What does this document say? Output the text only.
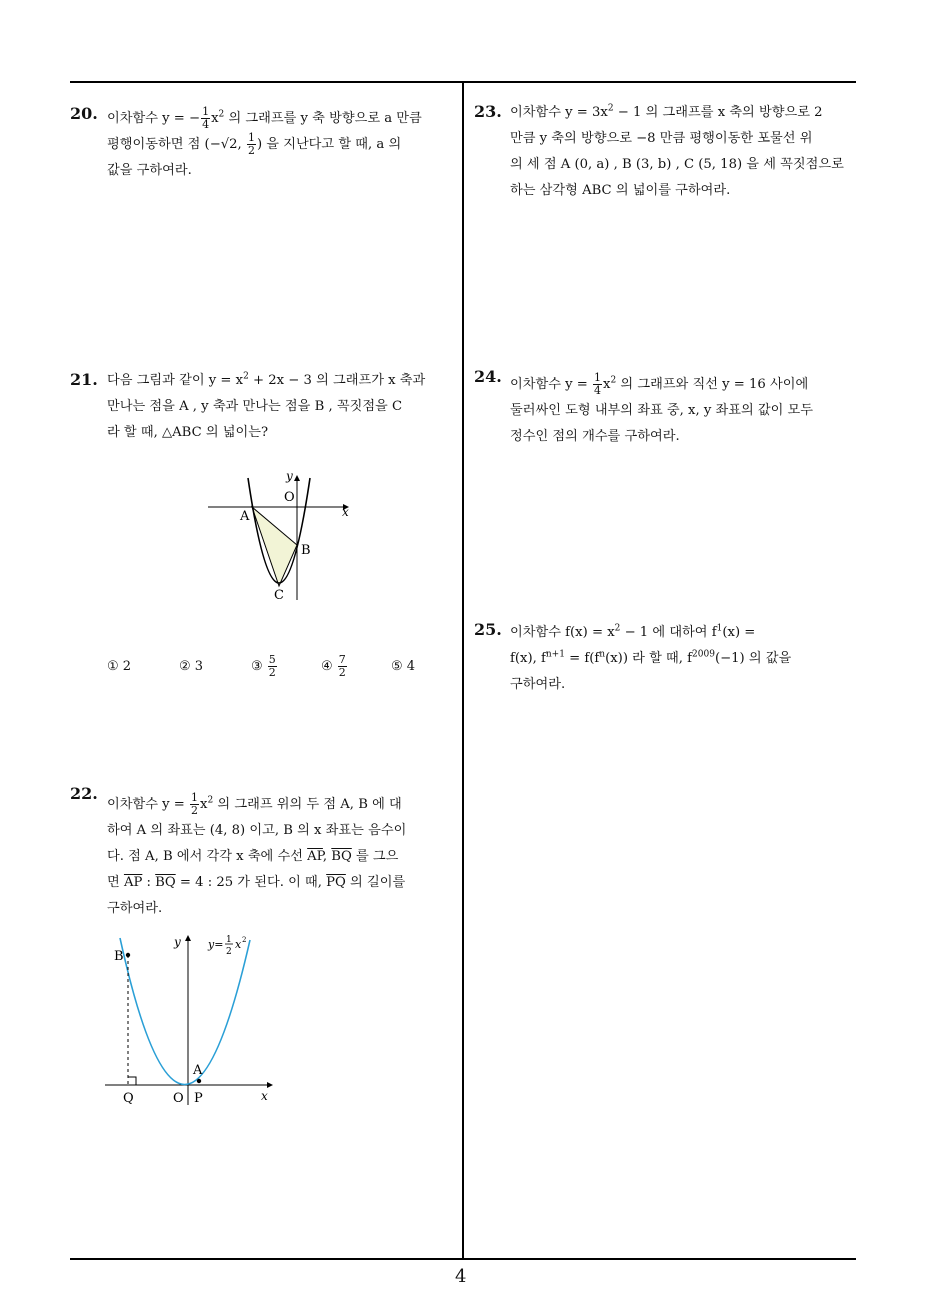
4
20. 이차함수 y = − $\frac{1}{4} x^2$ 의 그래프를 y 축 방향으로 a 만큼
평행이동하면 점 (−√2, $\frac{1}{2}$ ) 을 지난다고 할 때, a 의
값을 구하여라.
21. 다음 그림과 같이 $y = x^2 + 2x - 3$ 의 그래프가 x 축과
만나는 점을 A , y 축과 만나는 점을 B , 꼭짓점을 C
라 할 때, △ABC 의 넓이는?
y
O
x
A
B
C
①
2	②
3	③
$\frac{5}{2}$	④
$\frac{7}{2}$	⑤
4
22.
이차함수 $y = \frac{1}{2} x^2$ 의 그래프 위의 두 점 A, B 에 대
하여 A 의 좌표는 (4, 8) 이고, B 의 x 좌표는 음수이
다. 점 A, B 에서 각각 x 축에 수선 $\overline{AP}$, $\overline{BQ}$ 를 그으
면 $\overline{AP}$ : $\overline{BQ} = 4$ : 25 가 된다. 이 때, $\overline{PQ}$ 의 길이를
구하여라.
y y= 1
2
x 2
B
A
Q	O P	x
23. 이차함수 $y = 3x^2 - 1$ 의 그래프를 x 축의 방향으로 2
만큼 y 축의 방향으로 −8 만큼 평행이동한 포물선 위
의 세 점 A (0, a) , B (3, b) , C (5, 18) 을 세 꼭짓점으로
하는 삼각형 ABC 의 넓이를 구하여라.
24. 이차함수 $y = \frac{1}{4} x^2$ 의 그래프와 직선 y = 16 사이에
둘러싸인 도형 내부의 좌표 중, x, y 좌표의 값이 모두
정수인 점의 개수를 구하여라.
25. 이차함수 $f(x) = x^2 - 1$ 에 대하여 $f^1(x)$ =
f(x), $f^{n+1} = f(f^n(x))$ 라 할 때, $f^{2009}(-1)$ 의 값을
구하여라.
